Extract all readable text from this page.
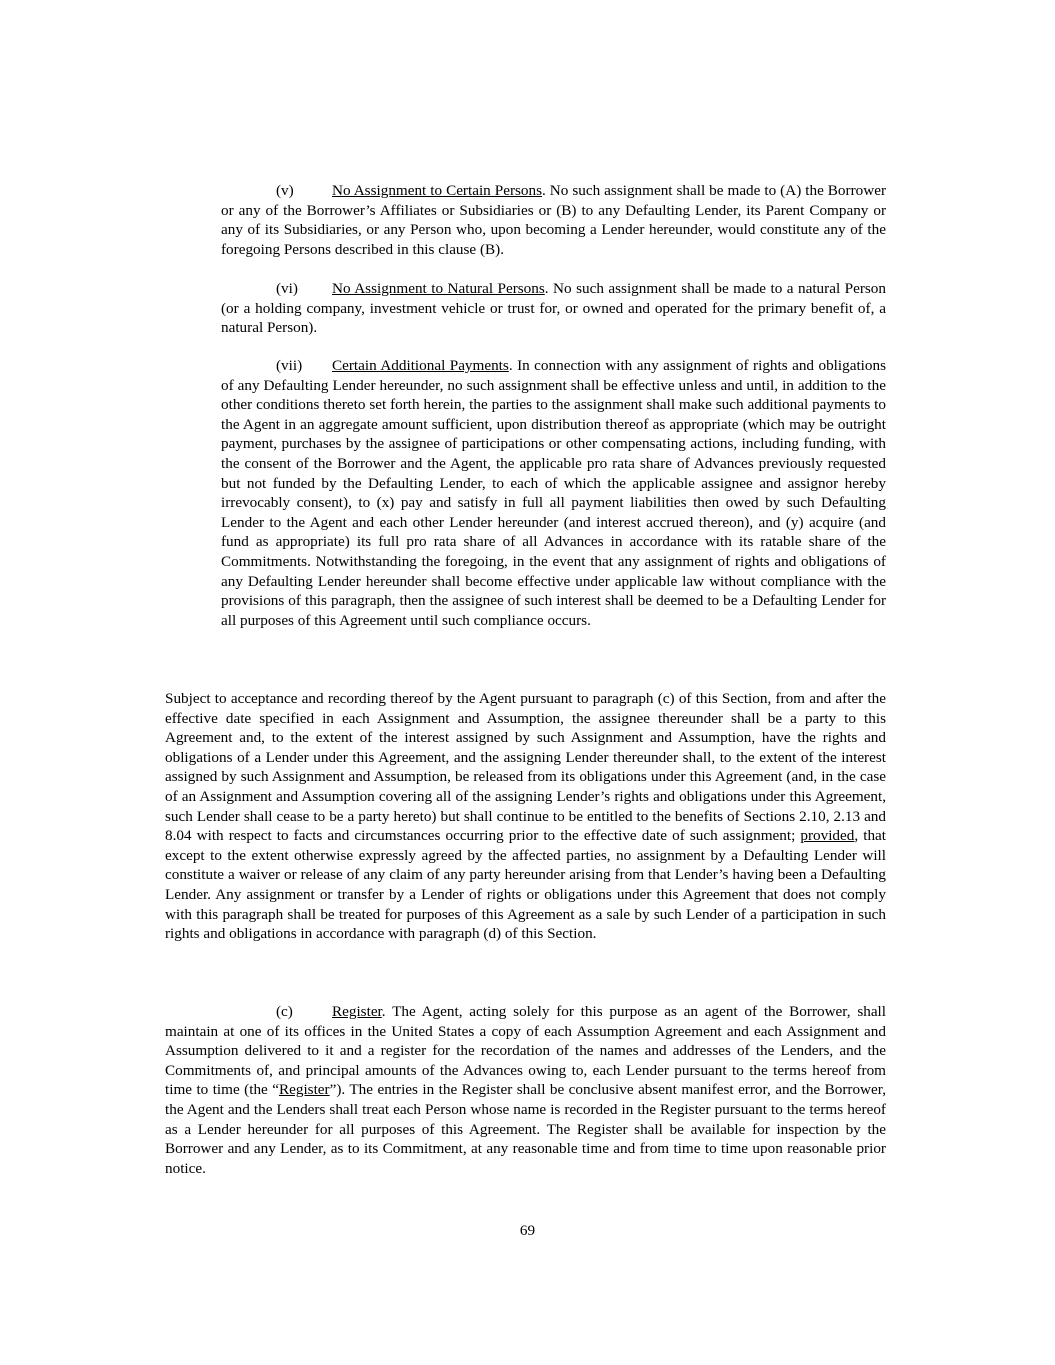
(v)	No Assignment to Certain Persons. No such assignment shall be made to (A) the Borrower or any of the Borrower’s Affiliates or Subsidiaries or (B) to any Defaulting Lender, its Parent Company or any of its Subsidiaries, or any Person who, upon becoming a Lender hereunder, would constitute any of the foregoing Persons described in this clause (B).

(vi) No Assignment to Natural Persons. No such assignment shall be made to a natural Person (or a holding company, investment vehicle or trust for, or owned and operated for the primary benefit of, a natural Person).

(vii) Certain Additional Payments. In connection with any assignment of rights and obligations of any Defaulting Lender hereunder, no such assignment shall be effective unless and until, in addition to the other conditions thereto set forth herein, the parties to the assignment shall make such additional payments to the Agent in an aggregate amount sufficient, upon distribution thereof as appropriate (which may be outright payment, purchases by the assignee of participations or other compensating actions, including funding, with the consent of the Borrower and the Agent, the applicable pro rata share of Advances previously requested but not funded by the Defaulting Lender, to each of which the applicable assignee and assignor hereby irrevocably consent), to (x) pay and satisfy in full all payment liabilities then owed by such Defaulting Lender to the Agent and each other Lender hereunder (and interest accrued thereon), and (y) acquire (and fund as appropriate) its full pro rata share of all Advances in accordance with its ratable share of the Commitments. Notwithstanding the foregoing, in the event that any assignment of rights and obligations of any Defaulting Lender hereunder shall become effective under applicable law without compliance with the provisions of this paragraph, then the assignee of such interest shall be deemed to be a Defaulting Lender for all purposes of this Agreement until such compliance occurs.

Subject to acceptance and recording thereof by the Agent pursuant to paragraph (c) of this Section, from and after the effective date specified in each Assignment and Assumption, the assignee thereunder shall be a party to this Agreement and, to the extent of the interest assigned by such Assignment and Assumption, have the rights and obligations of a Lender under this Agreement, and the assigning Lender thereunder shall, to the extent of the interest assigned by such Assignment and Assumption, be released from its obligations under this Agreement (and, in the case of an Assignment and Assumption covering all of the assigning Lender’s rights and obligations under this Agreement, such Lender shall cease to be a party hereto) but shall continue to be entitled to the benefits of Sections 2.10, 2.13 and 8.04 with respect to facts and circumstances occurring prior to the effective date of such assignment; provided, that except to the extent otherwise expressly agreed by the affected parties, no assignment by a Defaulting Lender will constitute a waiver or release of any claim of any party hereunder arising from that Lender’s having been a Defaulting Lender. Any assignment or transfer by a Lender of rights or obligations under this Agreement that does not comply with this paragraph shall be treated for purposes of this Agreement as a sale by such Lender of a participation in such rights and obligations in accordance with paragraph (d) of this Section.

(c)	Register. The Agent, acting solely for this purpose as an agent of the Borrower, shall maintain at one of its offices in the United States a copy of each Assumption Agreement and each Assignment and Assumption delivered to it and a register for the recordation of the names and addresses of the Lenders, and the Commitments of, and principal amounts of the Advances owing to, each Lender pursuant to the terms hereof from time to time (the “Register”). The entries in the Register shall be conclusive absent manifest error, and the Borrower, the Agent and the Lenders shall treat each Person whose name is recorded in the Register pursuant to the terms hereof as a Lender hereunder for all purposes of this Agreement. The Register shall be available for inspection by the Borrower and any Lender, as to its Commitment, at any reasonable time and from time to time upon reasonable prior notice.

69
